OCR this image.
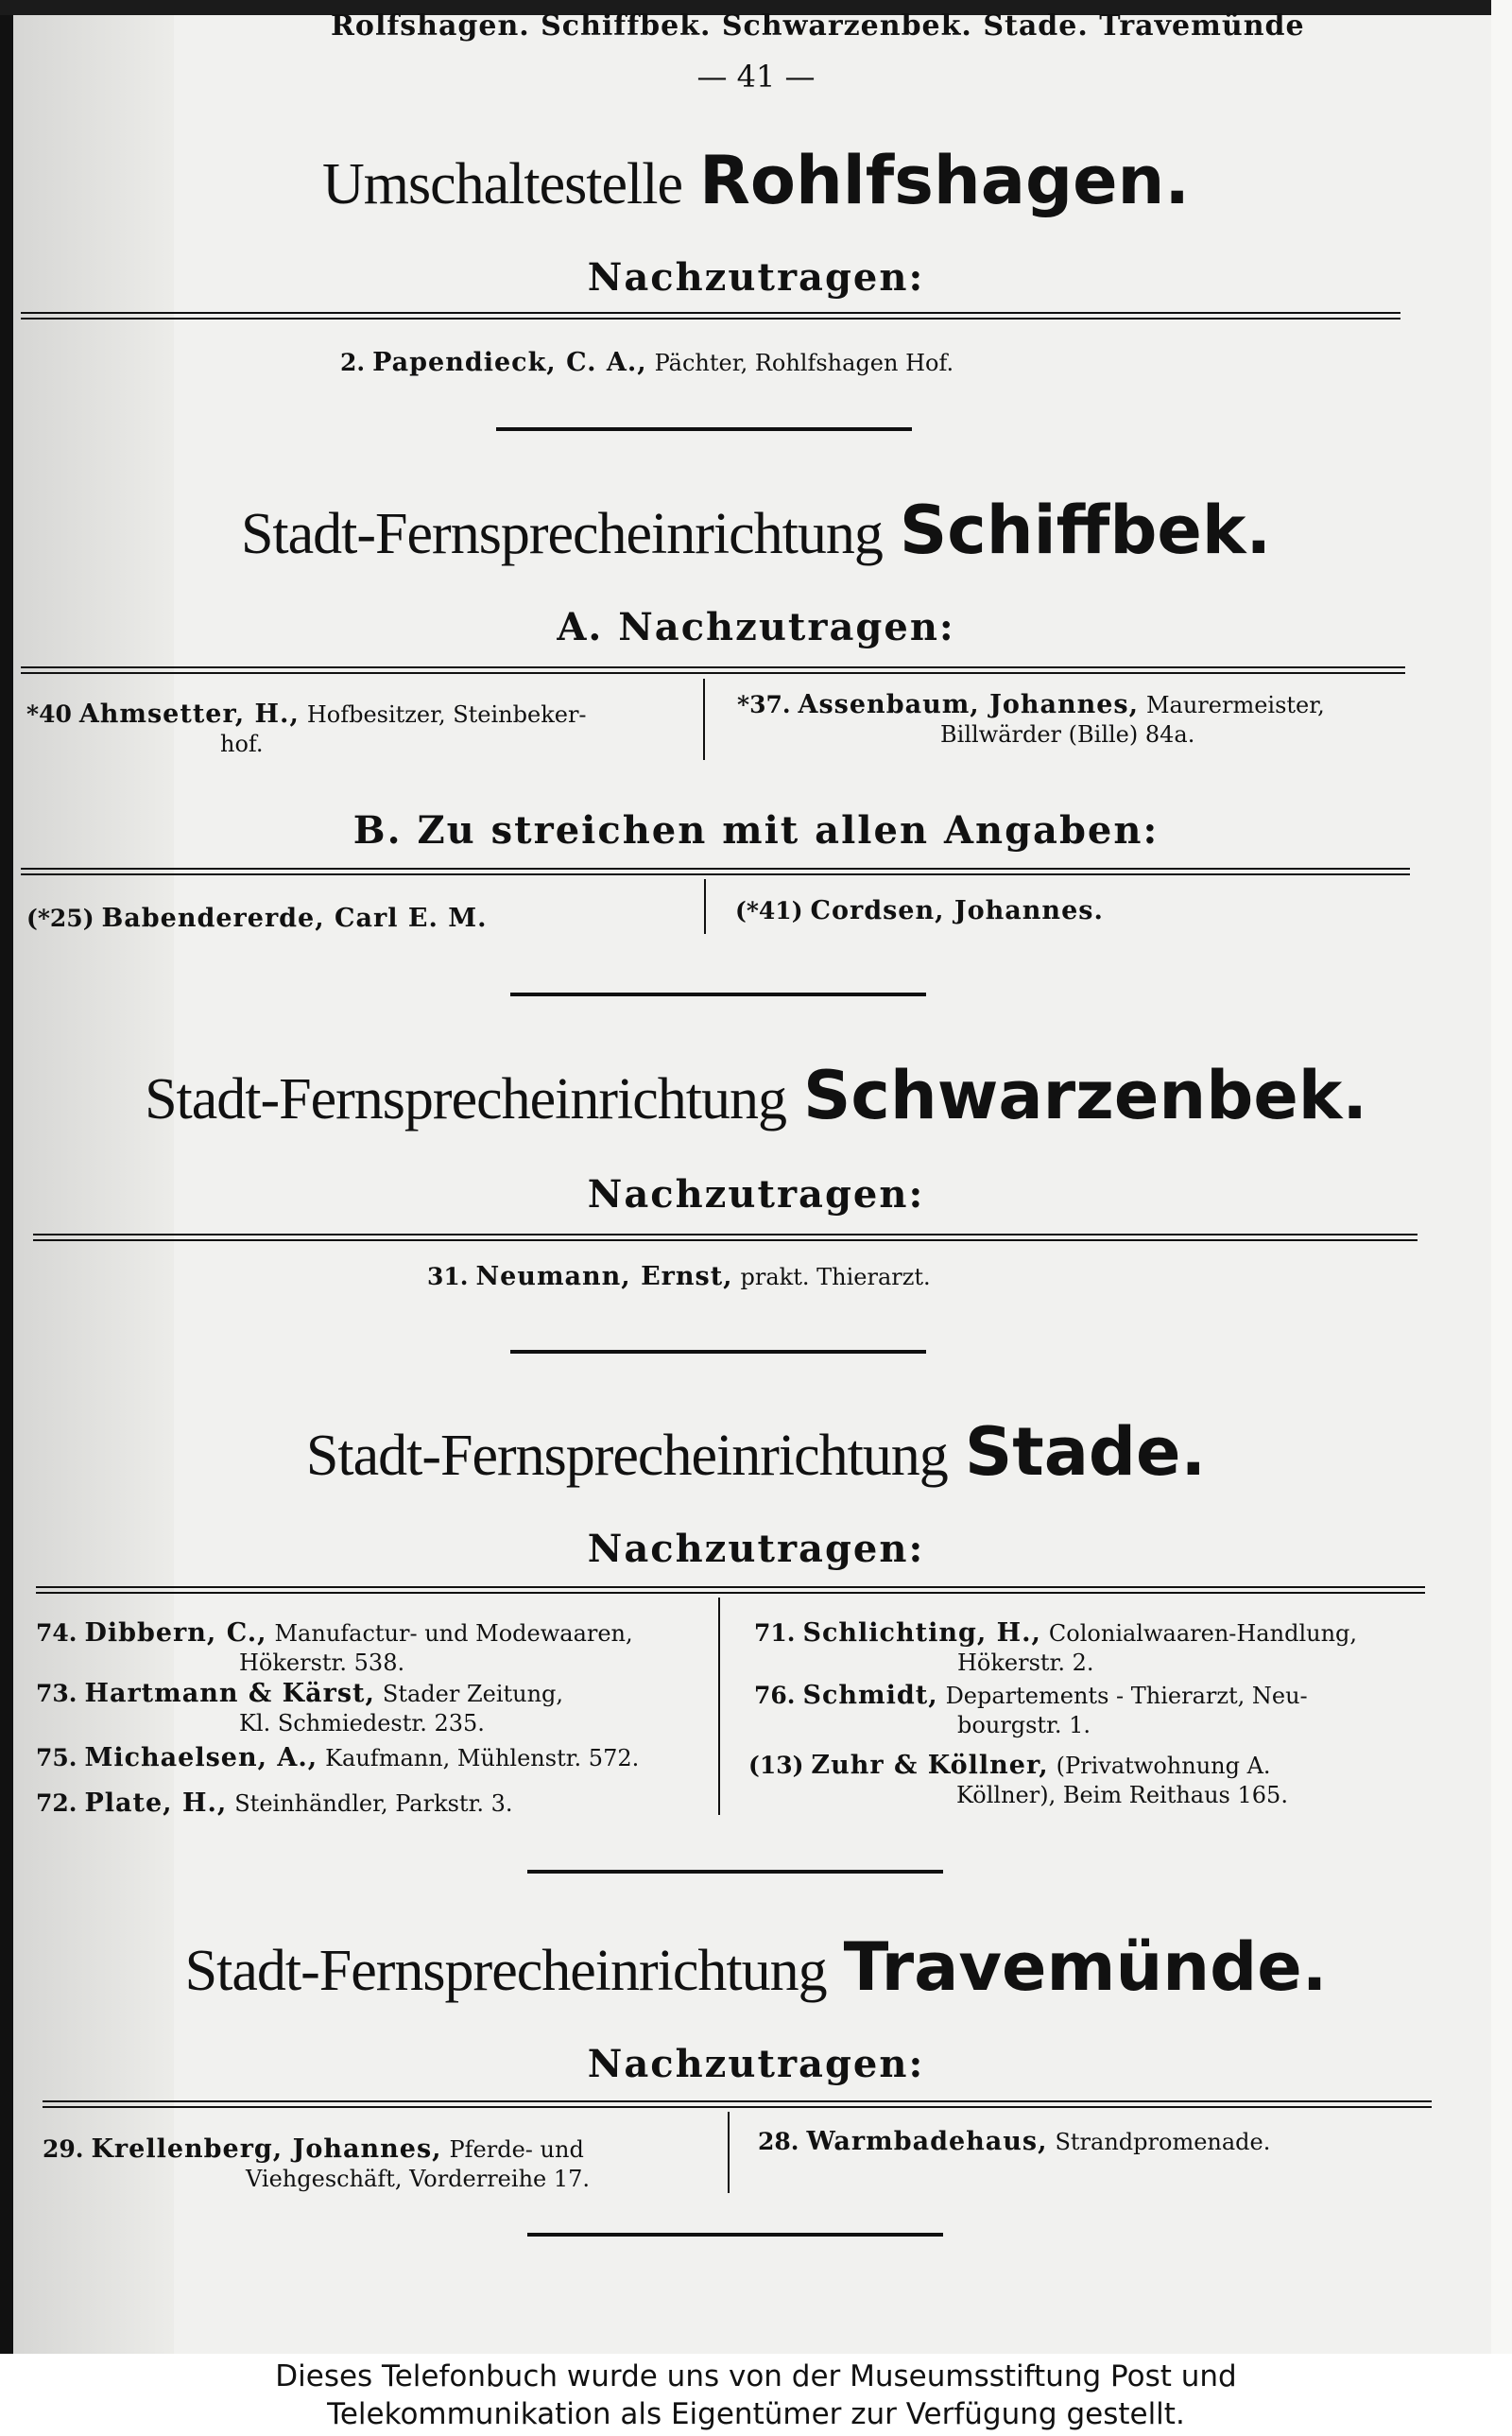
Rolfshagen. Schiffbek. Schwarzenbek. Stade. Travemünde
— 41 —
Umschaltestelle Rohlfshagen.
Nachzutragen:
2. Papendieck, C. A., Pächter, Rohlfshagen Hof.
Stadt-Fernsprecheinrichtung Schiffbek.
A. Nachzutragen:
*40 Ahmsetter, H., Hofbesitzer, Steinbeker-
hof.
*37. Assenbaum, Johannes, Maurermeister,
Billwärder (Bille) 84a.
B. Zu streichen mit allen Angaben:
(*25) Babendererde, Carl E. M.	(*41) Cordsen, Johannes.
Stadt-Fernsprecheinrichtung Schwarzenbek.
Nachzutragen:
31. Neumann, Ernst, prakt. Thierarzt.
Stadt-Fernsprecheinrichtung Stade.
Nachzutragen:
74. Dibbern, C., Manufactur- und Modewaaren,
Hökerstr. 538.
73. Hartmann & Kärst, Stader Zeitung,
Kl. Schmiedestr. 235.
75. Michaelsen, A., Kaufmann, Mühlenstr. 572.
72. Plate, H., Steinhändler, Parkstr. 3.
71. Schlichting, H., Colonialwaaren-Handlung,
Hökerstr. 2.
76. Schmidt, Departements - Thierarzt, Neu-
bourgstr. 1.
(13) Zuhr & Köllner, (Privatwohnung A.
Köllner), Beim Reithaus 165.
Stadt-Fernsprecheinrichtung Travemünde.
Nachzutragen:
29. Krellenberg, Johannes, Pferde- und
Viehgeschäft, Vorderreihe 17.
28. Warmbadehaus, Strandpromenade.
Dieses Telefonbuch wurde uns von der Museumsstiftung Post und
Telekommunikation als Eigentümer zur Verfügung gestellt.
